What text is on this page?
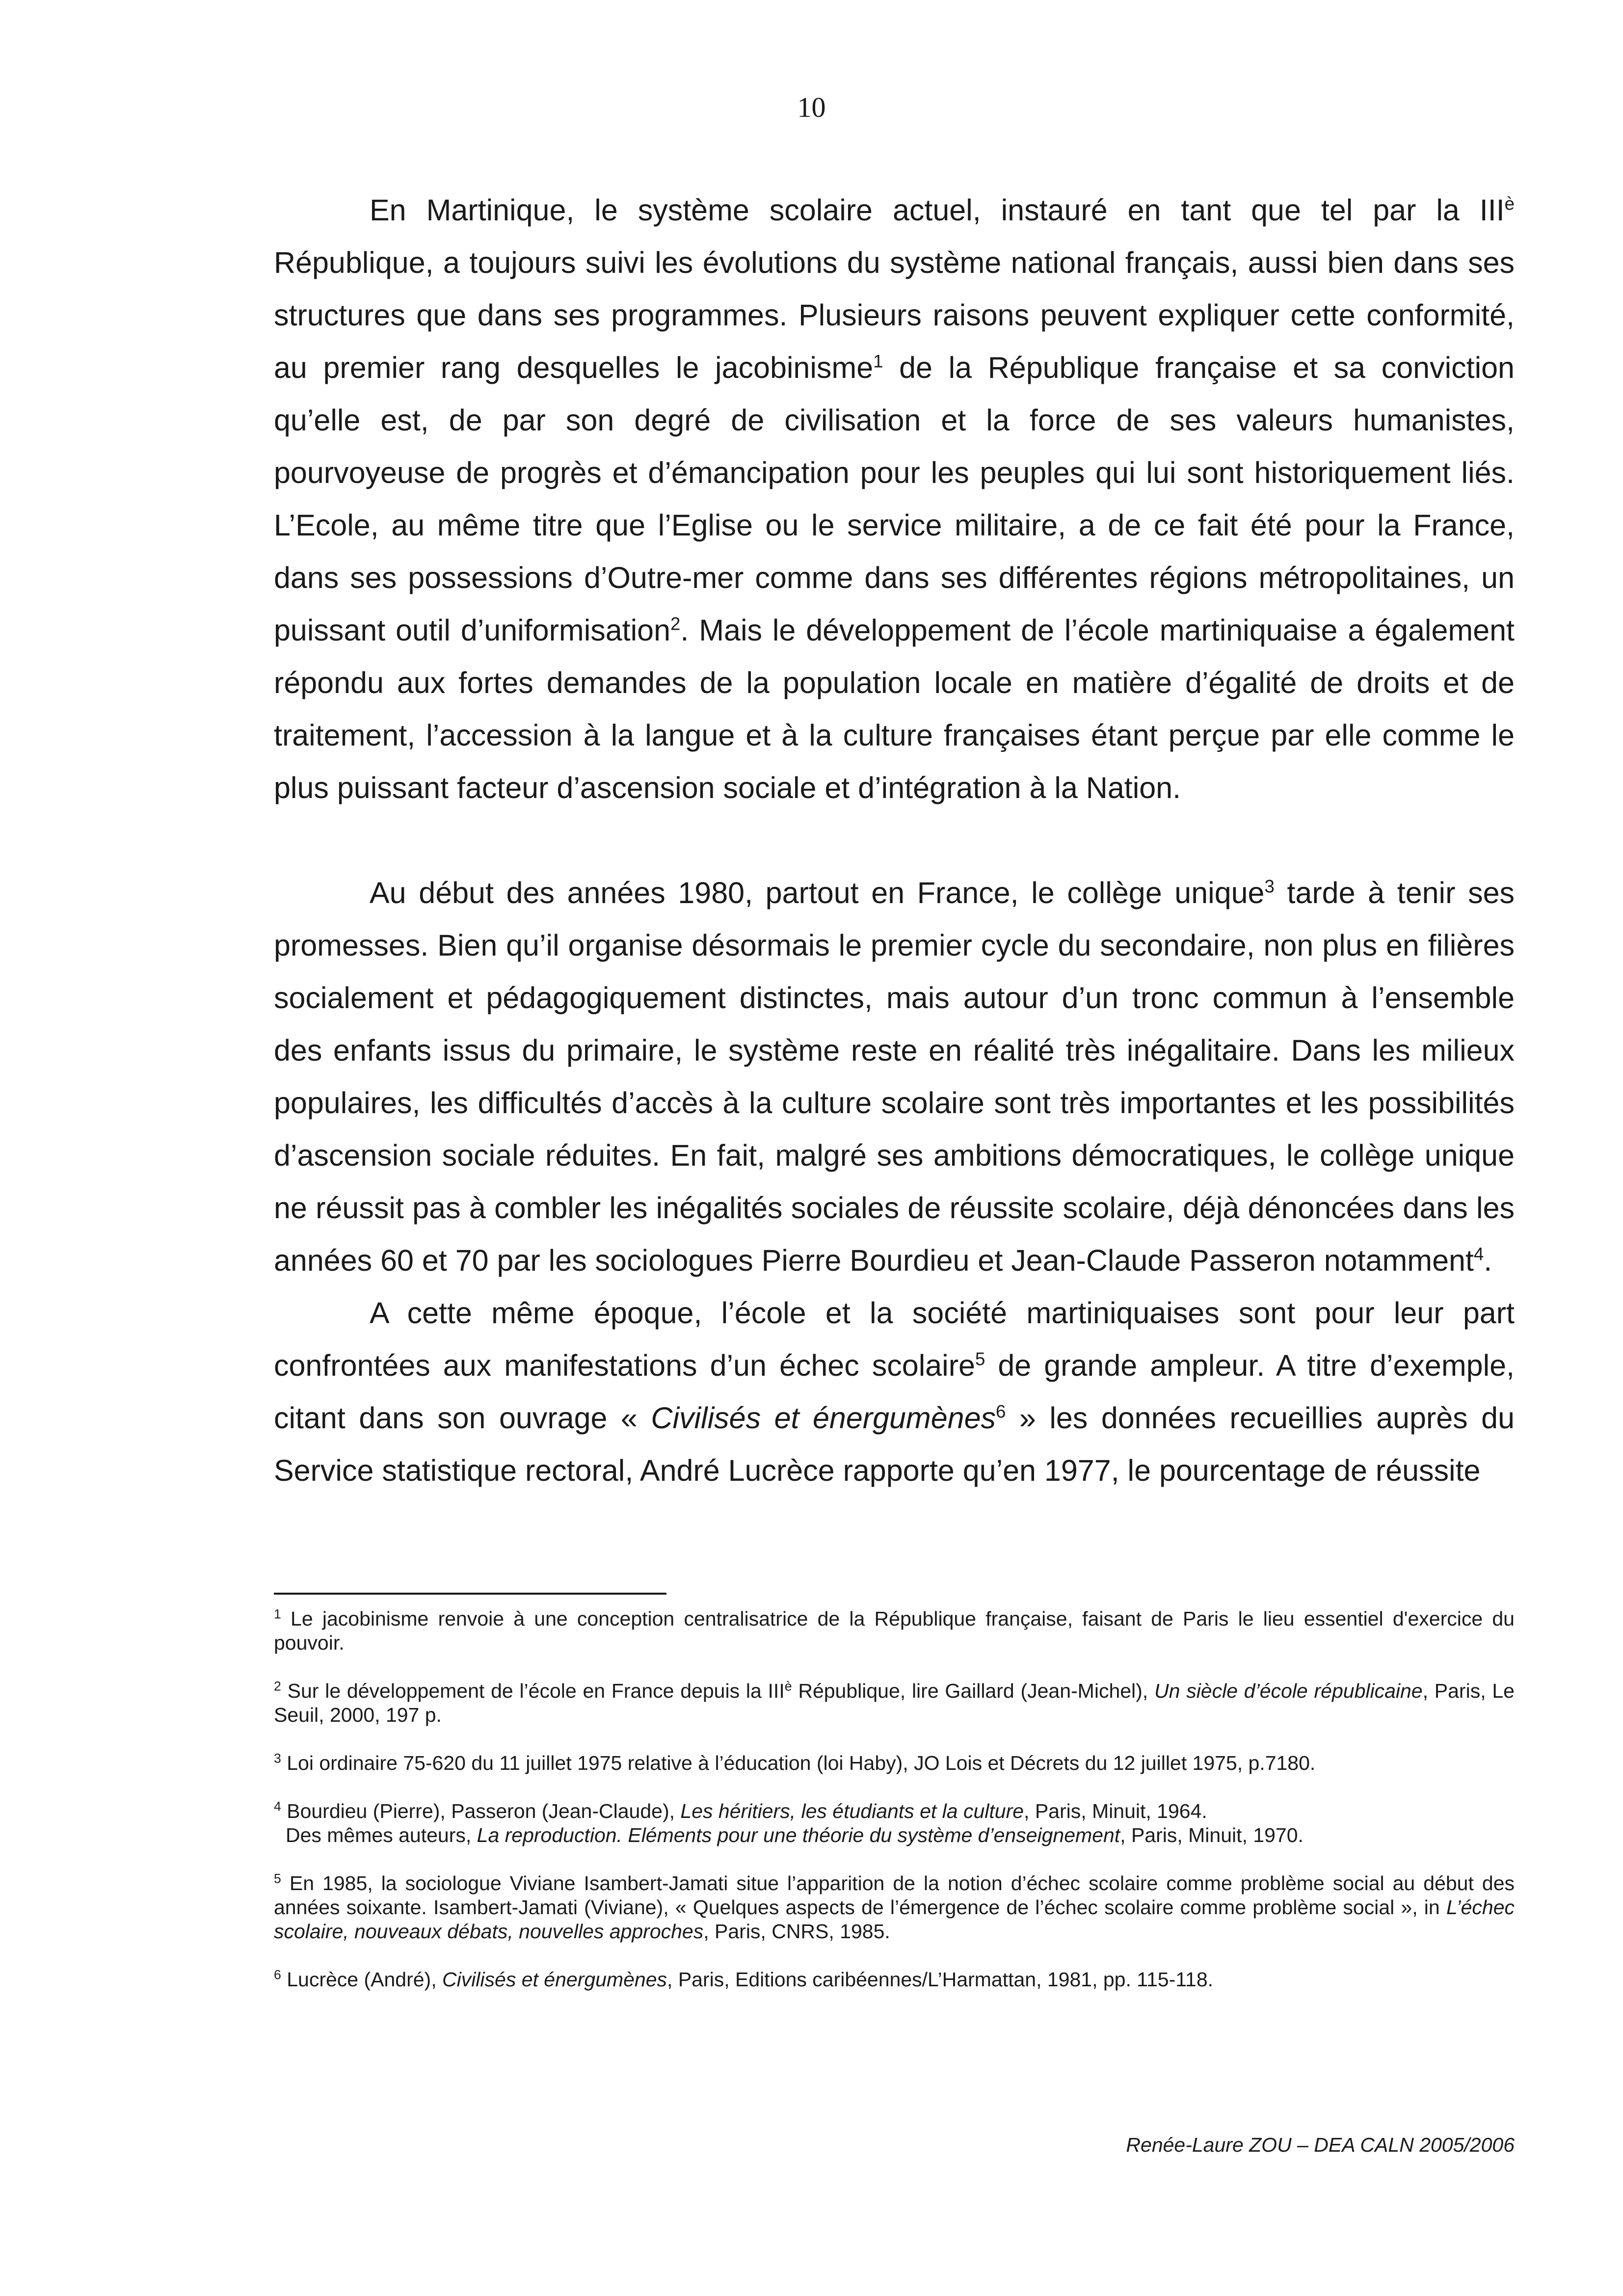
10

En Martinique, le système scolaire actuel, instauré en tant que tel par la $III^è$ République, a toujours suivi les évolutions du système national français, aussi bien dans ses structures que dans ses programmes. Plusieurs raisons peuvent expliquer cette conformité, au premier rang desquelles le jacobinisme$^1$ de la République française et sa conviction qu’elle est, de par son degré de civilisation et la force de ses valeurs humanistes, pourvoyeuse de progrès et d’émancipation pour les peuples qui lui sont historiquement liés. L’Ecole, au même titre que l’Eglise ou le service militaire, a de ce fait été pour la France, dans ses possessions d’Outre-mer comme dans ses différentes régions métropolitaines, un puissant outil d’uniformisation$^2$. Mais le développement de l’école martiniquaise a également répondu aux fortes demandes de la population locale en matière d’égalité de droits et de traitement, l’accession à la langue et à la culture françaises étant perçue par elle comme le plus puissant facteur d’ascension sociale et d’intégration à la Nation.

Au début des années 1980, partout en France, le collège unique$^3$ tarde à tenir ses promesses. Bien qu’il organise désormais le premier cycle du secondaire, non plus en filières socialement et pédagogiquement distinctes, mais autour d’un tronc commun à l’ensemble des enfants issus du primaire, le système reste en réalité très inégalitaire. Dans les milieux populaires, les difficultés d’accès à la culture scolaire sont très importantes et les possibilités d’ascension sociale réduites. En fait, malgré ses ambitions démocratiques, le collège unique ne réussit pas à combler les inégalités sociales de réussite scolaire, déjà dénoncées dans les années 60 et 70 par les sociologues Pierre Bourdieu et Jean-Claude Passeron notamment$^4$.

A cette même époque, l’école et la société martiniquaises sont pour leur part confrontées aux manifestations d’un échec scolaire$^5$ de grande ampleur. A titre d’exemple, citant dans son ouvrage « Civilisés et énergumènes$^6$ » les données recueillies auprès du Service statistique rectoral, André Lucrèce rapporte qu’en 1977, le pourcentage de réussite

$^1$ Le jacobinisme renvoie à une conception centralisatrice de la République française, faisant de Paris le lieu essentiel d'exercice du pouvoir.

$^2$ Sur le développement de l’école en France depuis la $III^è$ République, lire Gaillard (Jean-Michel), Un siècle d’école républicaine, Paris, Le Seuil, 2000, 197 p.

$^3$ Loi ordinaire 75-620 du 11 juillet 1975 relative à l’éducation (loi Haby), JO Lois et Décrets du 12 juillet 1975, p.7180.

$^4$ Bourdieu (Pierre), Passeron (Jean-Claude), Les héritiers, les étudiants et la culture, Paris, Minuit, 1964.
Des mêmes auteurs, La reproduction. Eléments pour une théorie du système d’enseignement, Paris, Minuit, 1970.

$^5$ En 1985, la sociologue Viviane Isambert-Jamati situe l’apparition de la notion d’échec scolaire comme problème social au début des années soixante. Isambert-Jamati (Viviane), « Quelques aspects de l’émergence de l’échec scolaire comme problème social », in L’échec scolaire, nouveaux débats, nouvelles approches, Paris, CNRS, 1985.

$^6$ Lucrèce (André), Civilisés et énergumènes, Paris, Editions caribéennes/L’Harmattan, 1981, pp. 115-118.

Renée-Laure ZOU – DEA CALN 2005/2006
